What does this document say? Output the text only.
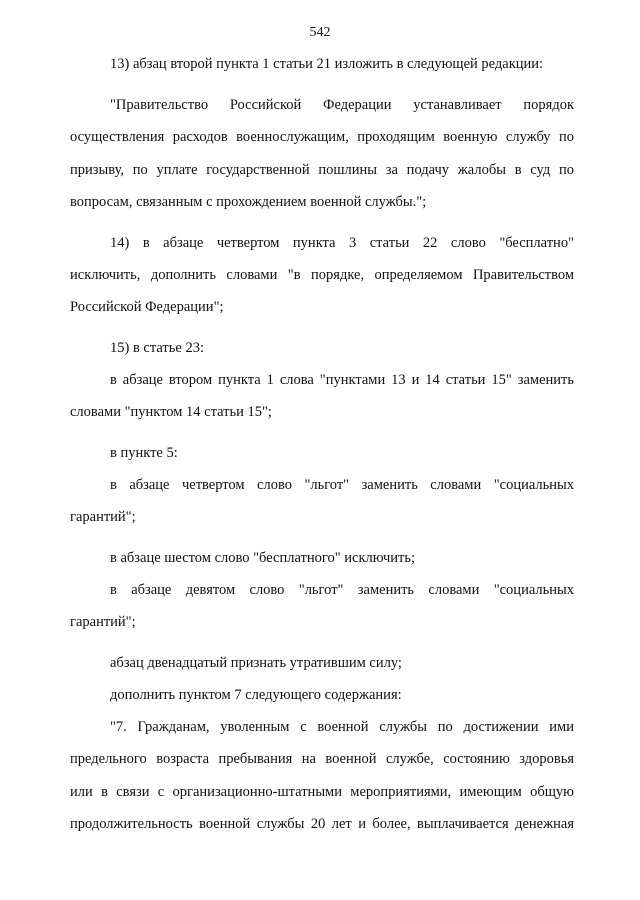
542
13) абзац второй пункта 1 статьи 21 изложить в следующей редакции:
"Правительство Российской Федерации устанавливает порядок
осуществления расходов военнослужащим, проходящим военную службу по
призыву, по уплате государственной пошлины за подачу жалобы в суд по
вопросам, связанным с прохождением военной службы.";
14) в абзаце четвертом пункта 3 статьи 22 слово "бесплатно"
исключить, дополнить словами "в порядке, определяемом Правительством
Российской Федерации";
15) в статье 23:
в абзаце втором пункта 1 слова "пунктами 13 и 14 статьи 15" заменить
словами "пунктом 14 статьи 15";
в пункте 5:
в абзаце четвертом слово "льгот" заменить словами "социальных
гарантий";
в абзаце шестом слово "бесплатного" исключить;
в абзаце девятом слово "льгот" заменить словами "социальных
гарантий";
абзац двенадцатый признать утратившим силу;
дополнить пунктом 7 следующего содержания:
"7. Гражданам, уволенным с военной службы по достижении ими
предельного возраста пребывания на военной службе, состоянию здоровья
или в связи с организационно-штатными мероприятиями, имеющим общую
продолжительность военной службы 20 лет и более, выплачивается денежная
